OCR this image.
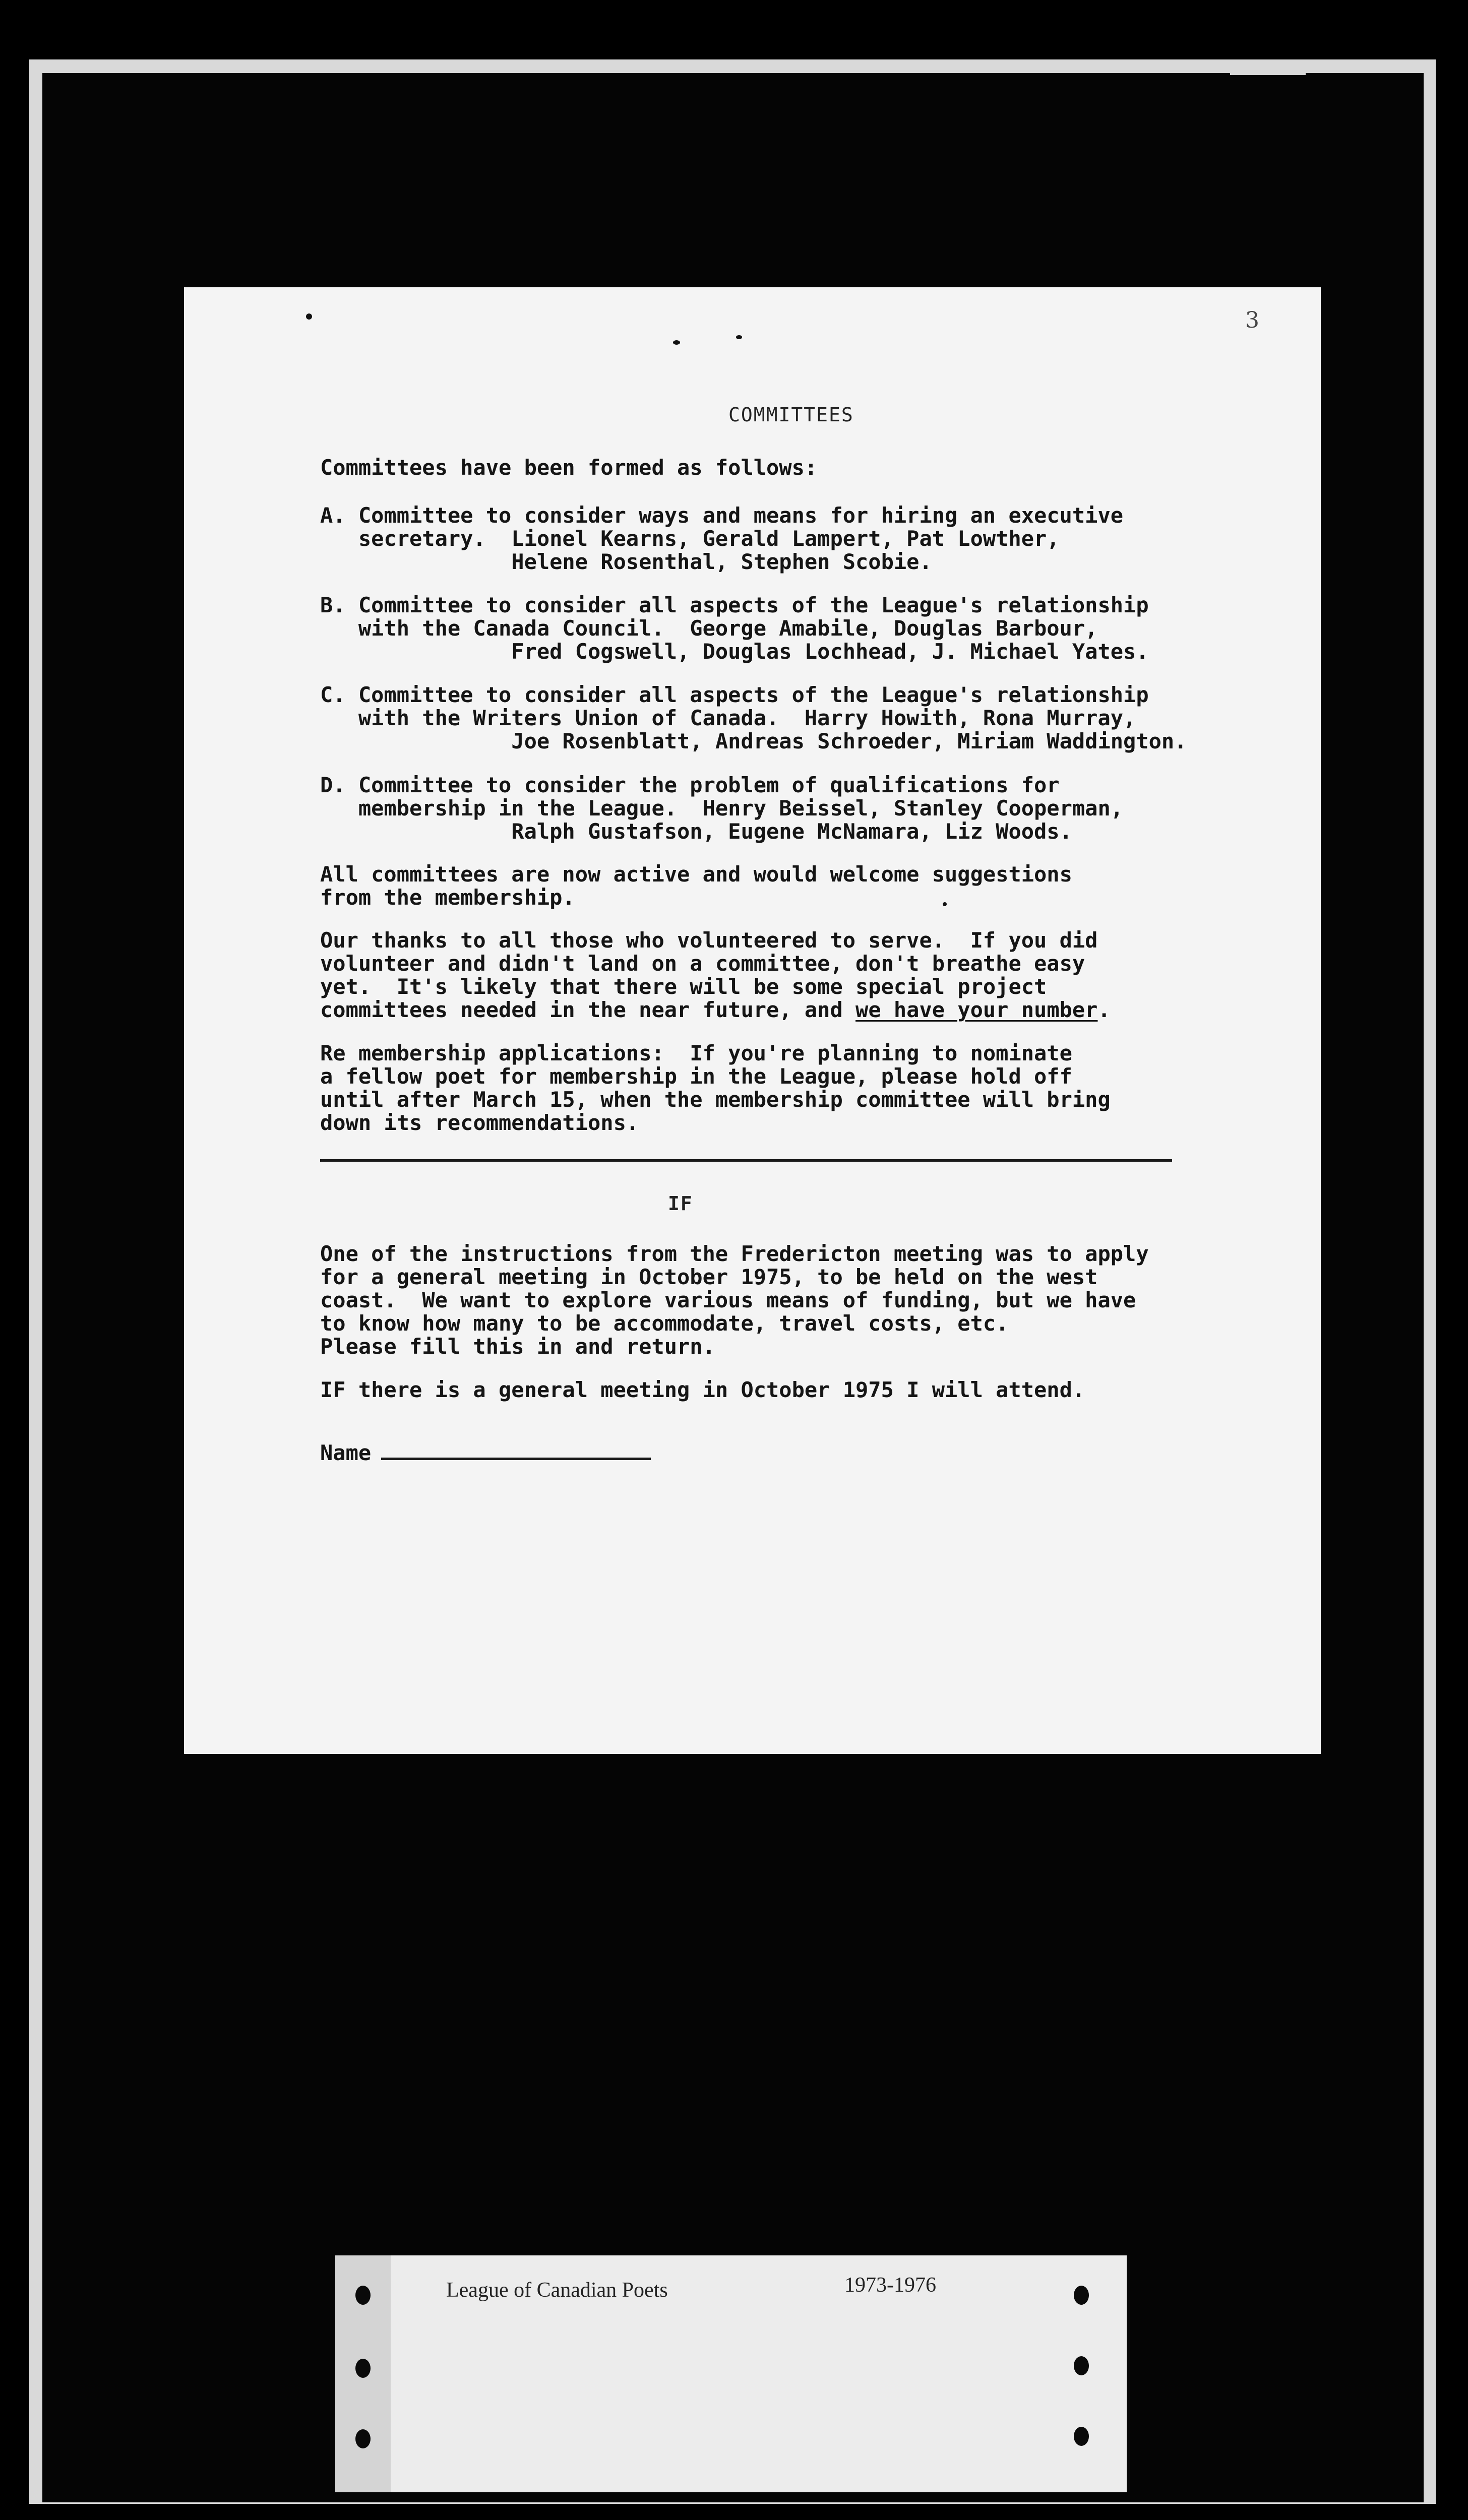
3
COMMITTEES

Committees have been formed as follows:

A. Committee to consider ways and means for hiring an executive

secretary.  Lionel Kearns, Gerald Lampert, Pat Lowther,

Helene Rosenthal, Stephen Scobie.

B. Committee to consider all aspects of the League's relationship

with the Canada Council.  George Amabile, Douglas Barbour,

Fred Cogswell, Douglas Lochhead, J. Michael Yates.

C. Committee to consider all aspects of the League's relationship

with the Writers Union of Canada.  Harry Howith, Rona Murray,

Joe Rosenblatt, Andreas Schroeder, Miriam Waddington.

D. Committee to consider the problem of qualifications for

membership in the League.  Henry Beissel, Stanley Cooperman,

Ralph Gustafson, Eugene McNamara, Liz Woods.

All committees are now active and would welcome suggestions

from the membership.

Our thanks to all those who volunteered to serve.  If you did

volunteer and didn't land on a committee, don't breathe easy

yet.  It's likely that there will be some special project

committees needed in the near future, and we have your number.

Re membership applications:  If you're planning to nominate

a fellow poet for membership in the League, please hold off

until after March 15, when the membership committee will bring

down its recommendations.

IF

One of the instructions from the Fredericton meeting was to apply

for a general meeting in October 1975, to be held on the west

coast.  We want to explore various means of funding, but we have

to know how many to be accommodate, travel costs, etc.

Please fill this in and return.

IF there is a general meeting in October 1975 I will attend.

Name

League of Canadian Poets	1973-1976
